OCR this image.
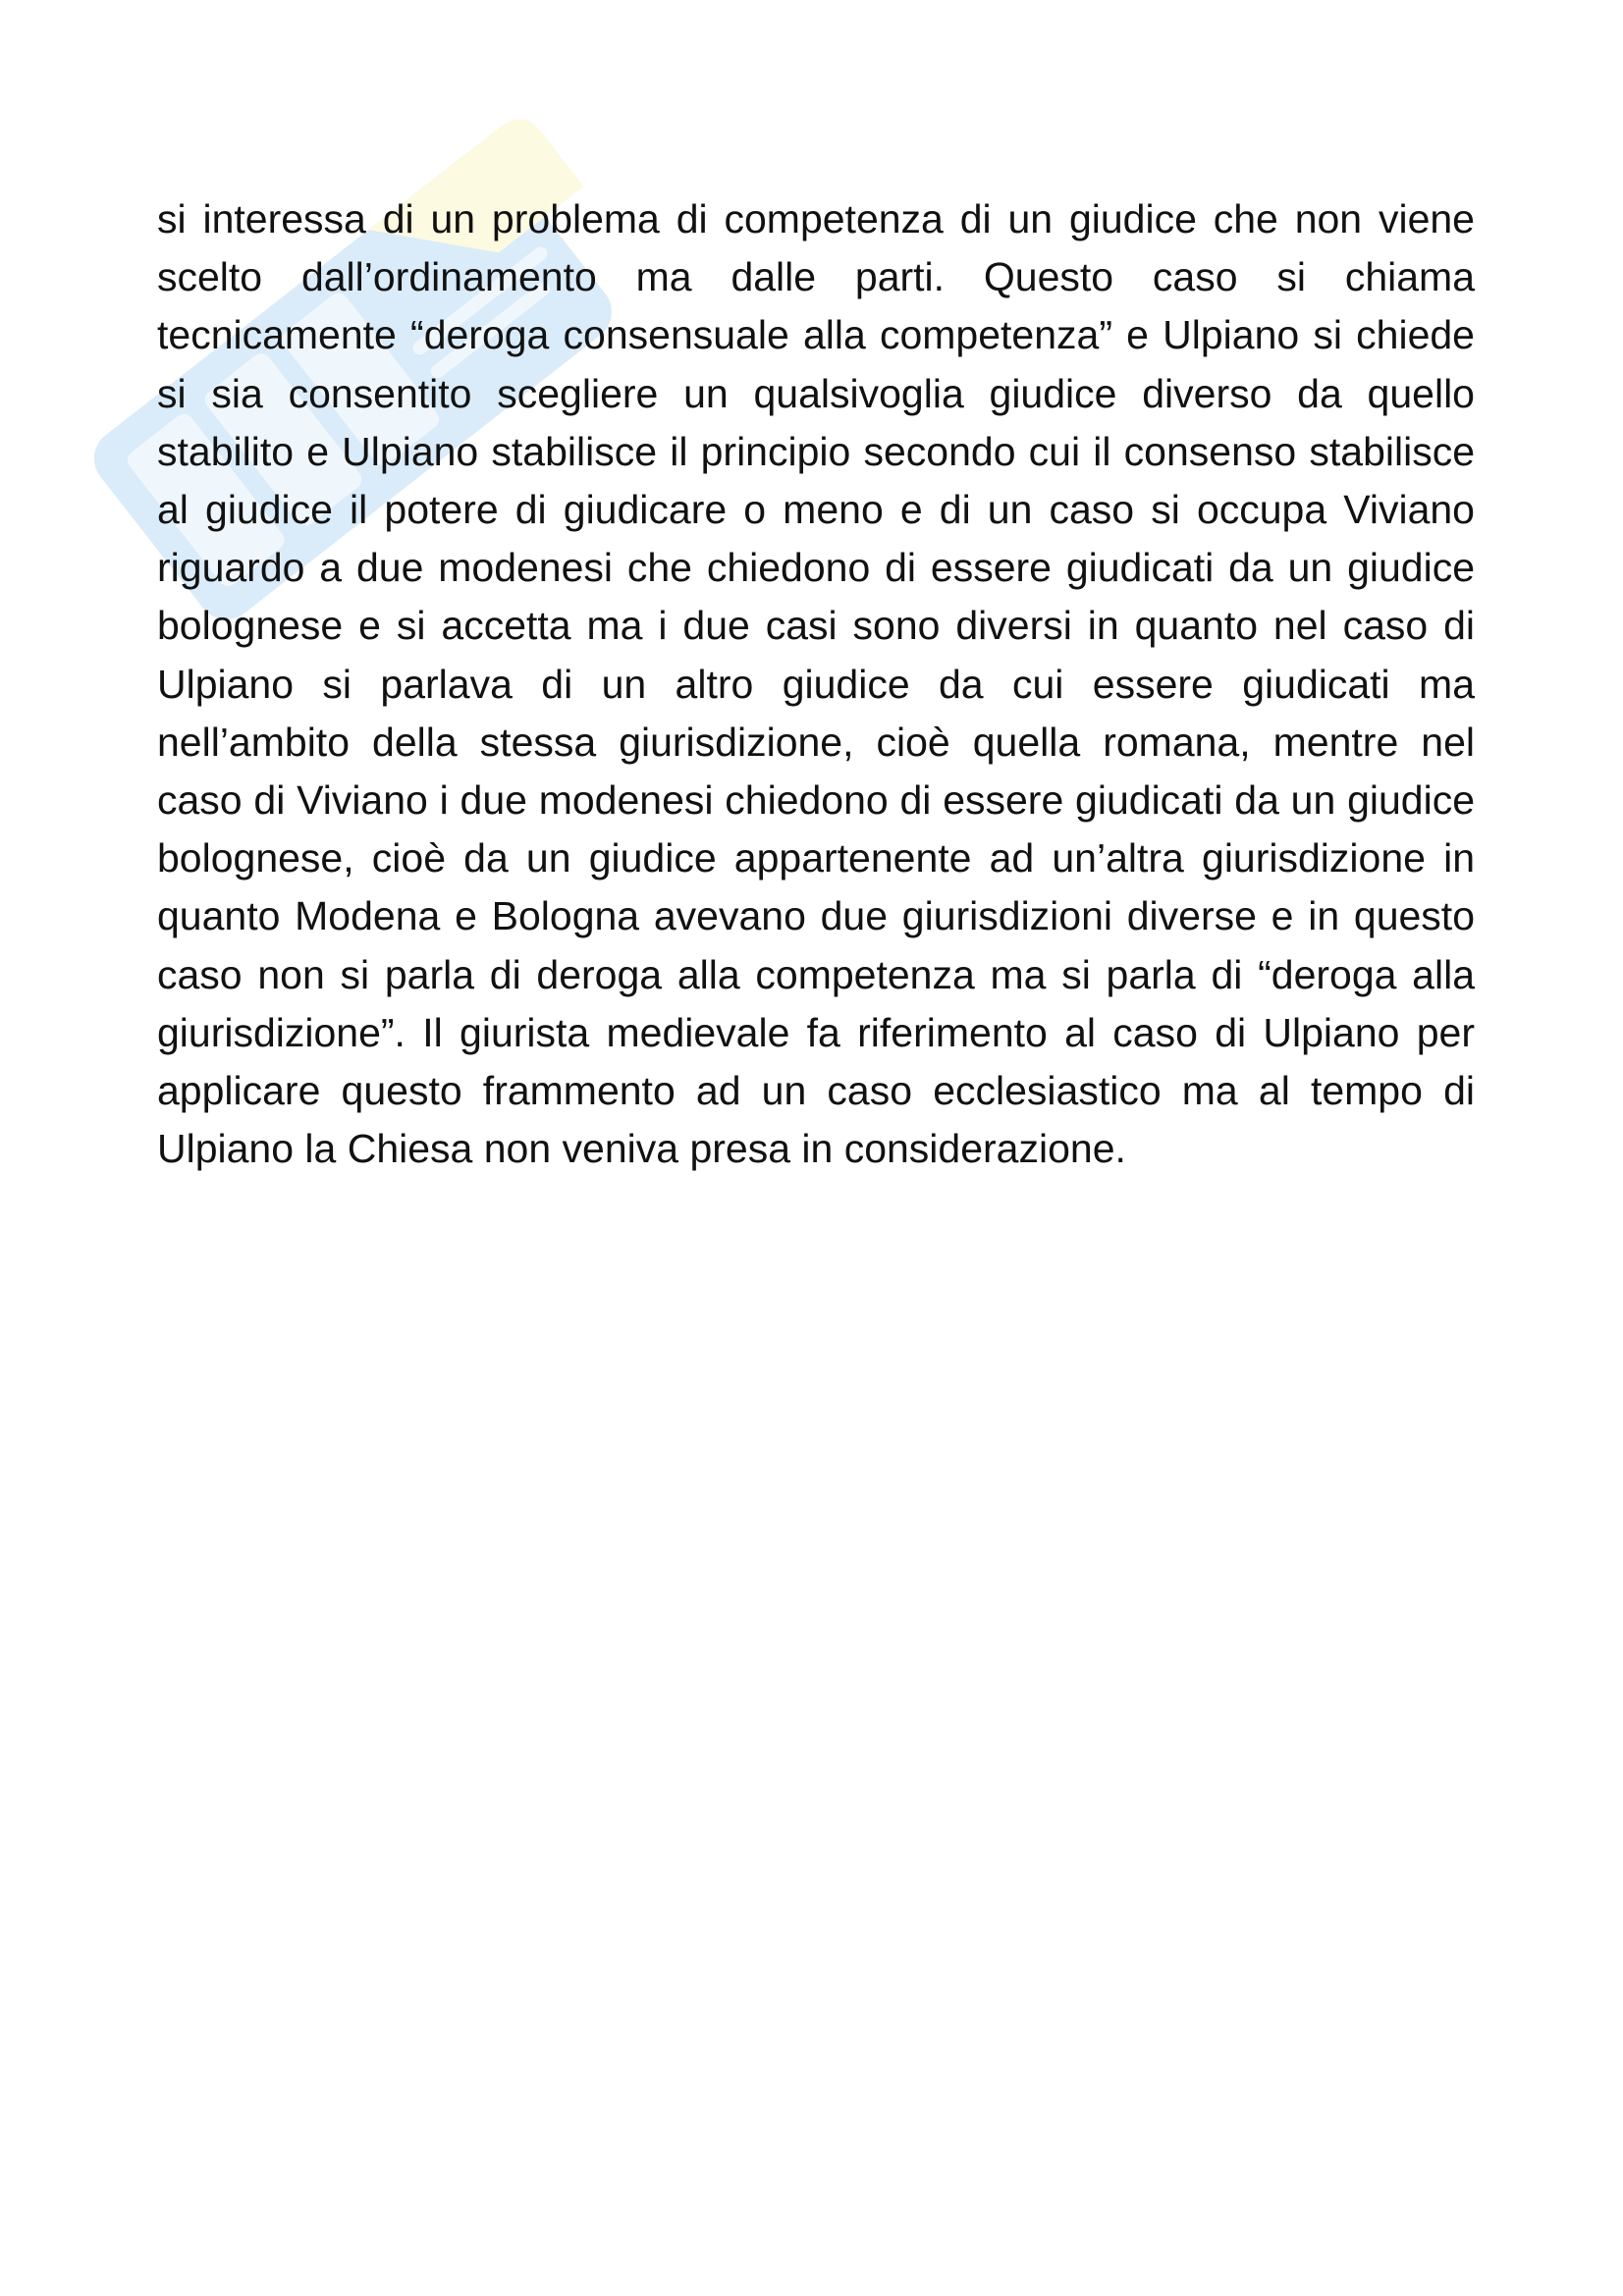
si interessa di un problema di competenza di un giudice che non viene scelto dall’ordinamento ma dalle parti. Questo caso si chiama tecnicamente “deroga consensuale alla competenza” e Ulpiano si chiede si sia consentito scegliere un qualsivoglia giudice diverso da quello stabilito e Ulpiano stabilisce il principio secondo cui il consenso stabilisce al giudice il potere di giudicare o meno e di un caso si occupa Viviano riguardo a due modenesi che chiedono di essere giudicati da un giudice bolognese e si accetta ma i due casi sono diversi in quanto nel caso di Ulpiano si parlava di un altro giudice da cui essere giudicati ma nell’ambito della stessa giurisdizione, cioè quella romana, mentre nel caso di Viviano i due modenesi chiedono di essere giudicati da un giudice bolognese, cioè da un giudice appartenente ad un’altra giurisdizione in quanto Modena e Bologna avevano due giurisdizioni diverse e in questo caso non si parla di deroga alla competenza ma si parla di “deroga alla giurisdizione”. Il giurista medievale fa riferimento al caso di Ulpiano per applicare questo frammento ad un caso ecclesiastico ma al tempo di Ulpiano la Chiesa non veniva presa in considerazione.
